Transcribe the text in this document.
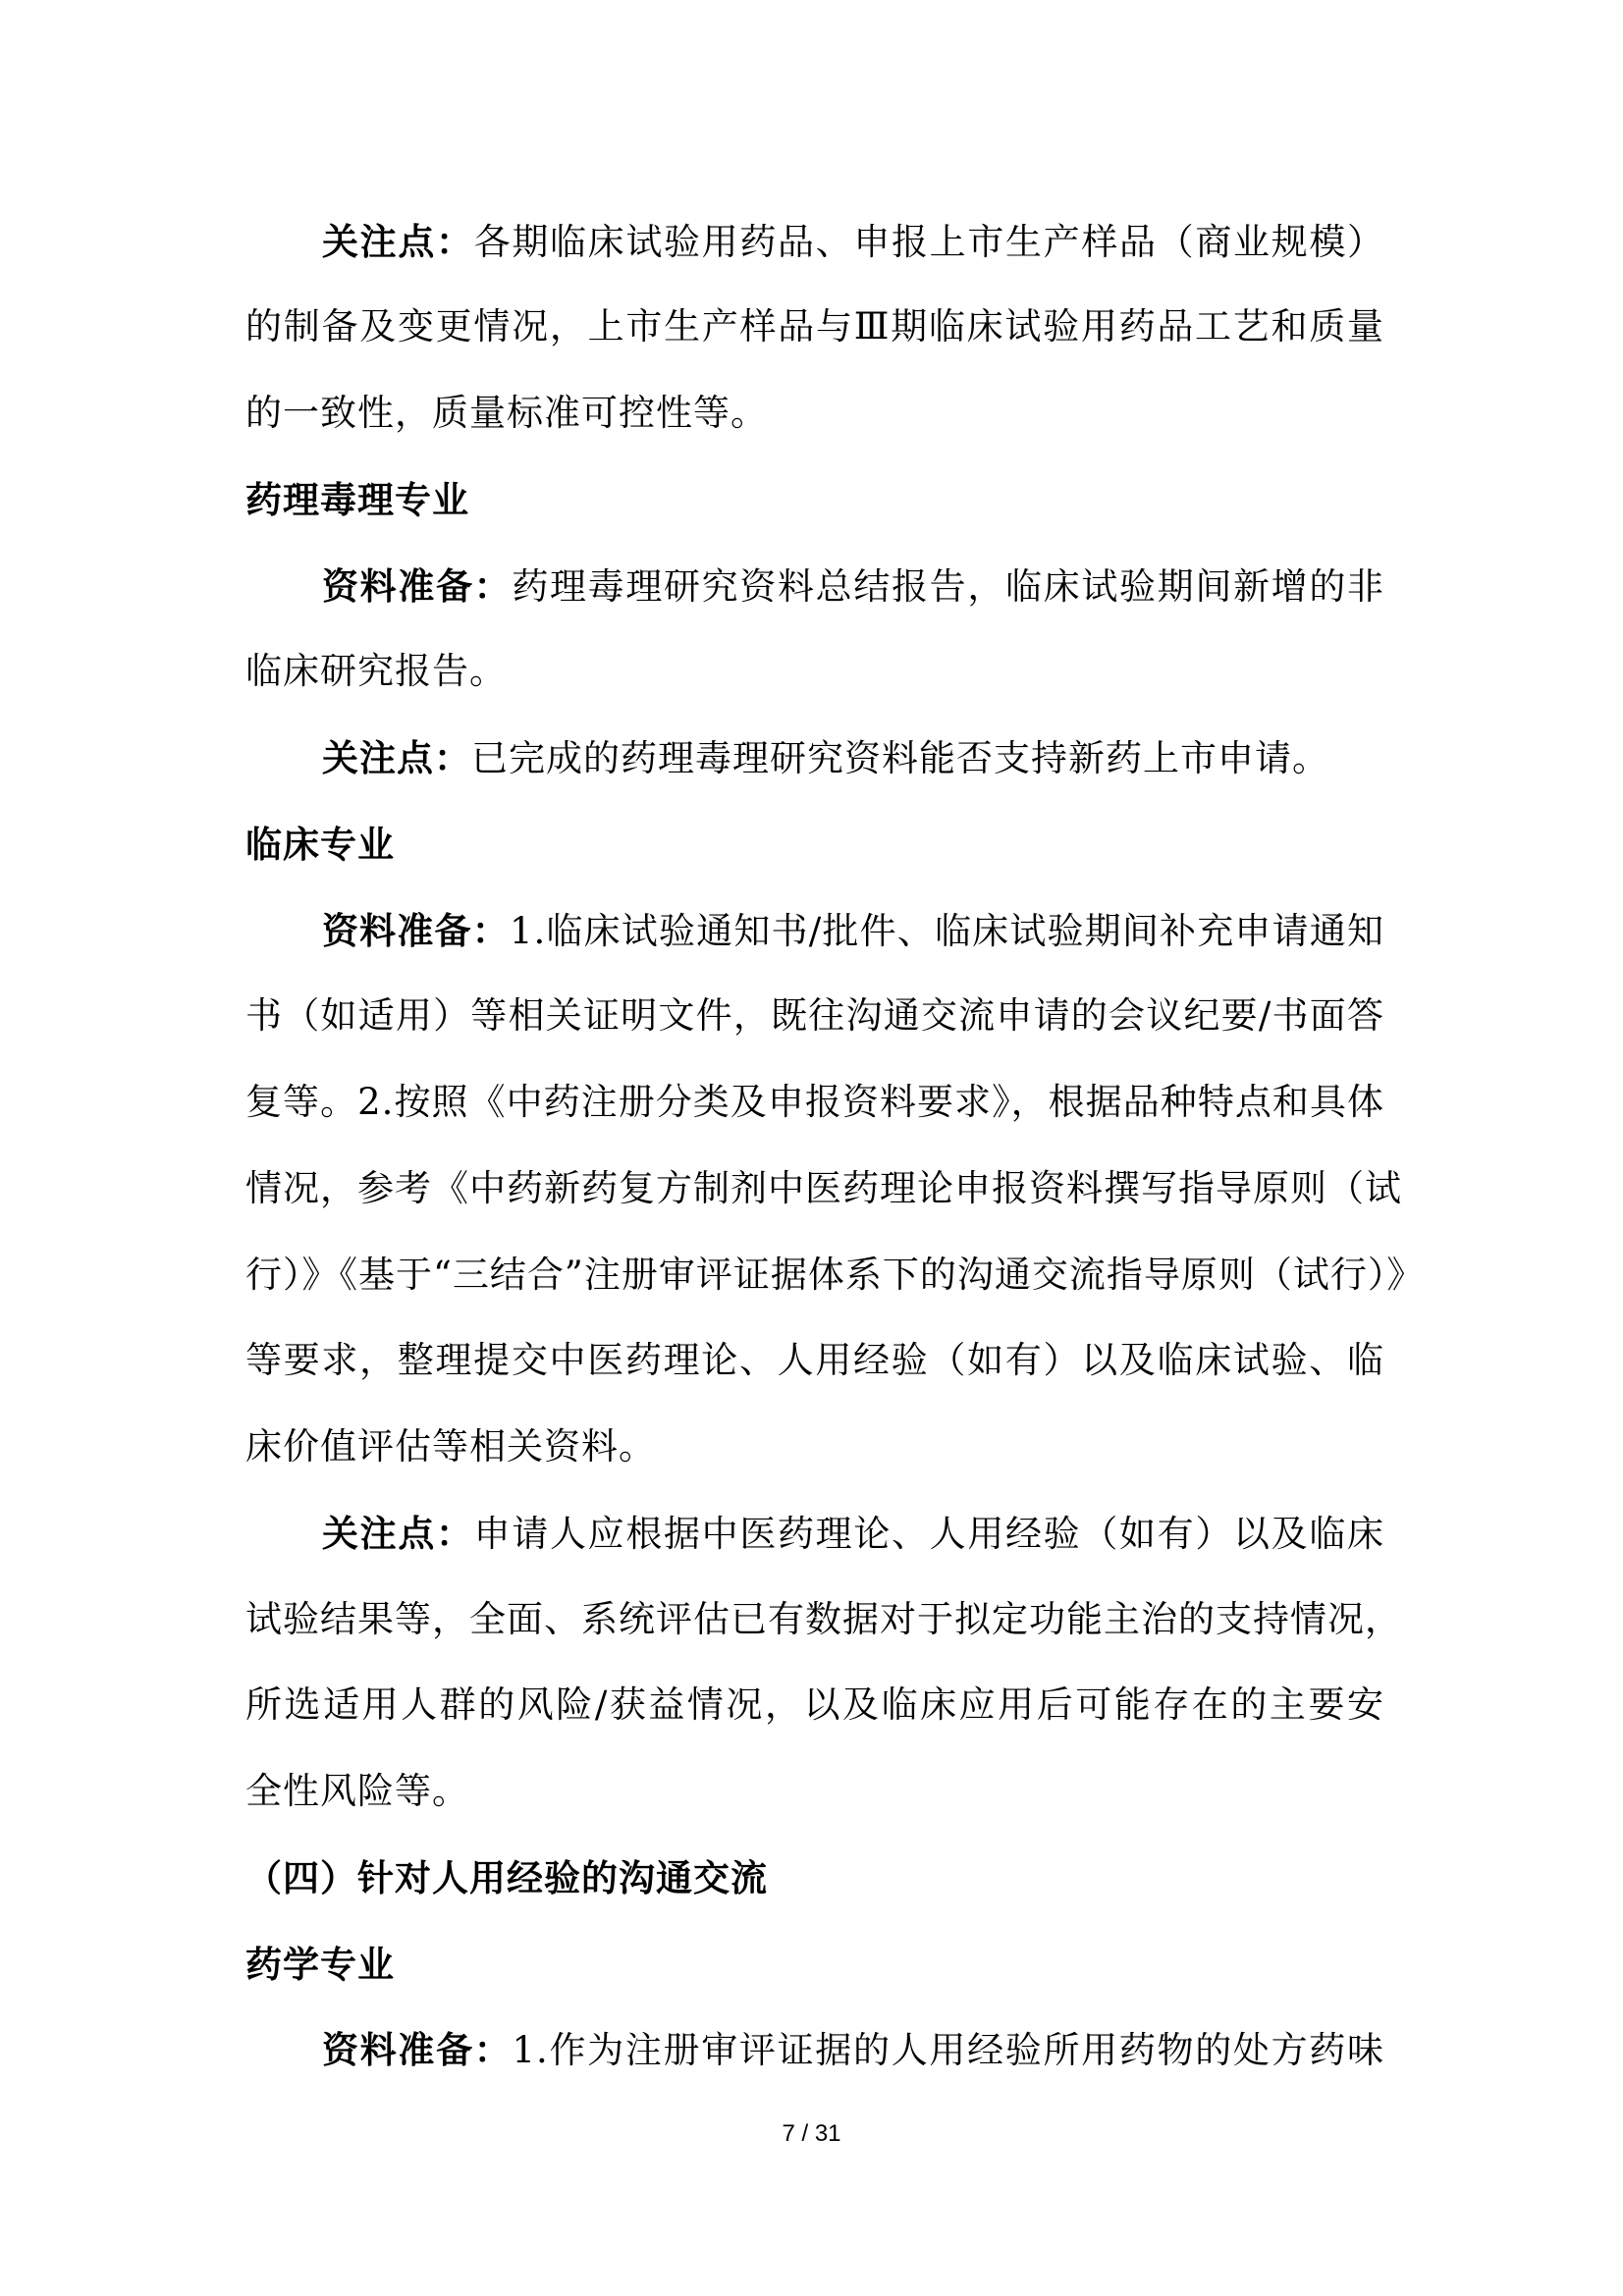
关注点：各期临床试验用药品、申报上市生产样品（商业规模）
的制备及变更情况，上市生产样品与Ⅲ期临床试验用药品工艺和质量
的一致性，质量标准可控性等。
药理毒理专业
资料准备：药理毒理研究资料总结报告，临床试验期间新增的非
临床研究报告。
关注点：已完成的药理毒理研究资料能否支持新药上市申请。
临床专业
资料准备：1.临床试验通知书/批件、临床试验期间补充申请通知
书（如适用）等相关证明文件，既往沟通交流申请的会议纪要/书面答
复等。2.按照《中药注册分类及申报资料要求》，根据品种特点和具体
情况，参考《中药新药复方制剂中医药理论申报资料撰写指导原则（试
行）》《基于“三结合”注册审评证据体系下的沟通交流指导原则（试行）》
等要求，整理提交中医药理论、人用经验（如有）以及临床试验、临
床价值评估等相关资料。
关注点：申请人应根据中医药理论、人用经验（如有）以及临床
试验结果等，全面、系统评估已有数据对于拟定功能主治的支持情况，
所选适用人群的风险/获益情况，以及临床应用后可能存在的主要安
全性风险等。
（四）针对人用经验的沟通交流
药学专业
资料准备：1.作为注册审评证据的人用经验所用药物的处方药味
7 / 31
